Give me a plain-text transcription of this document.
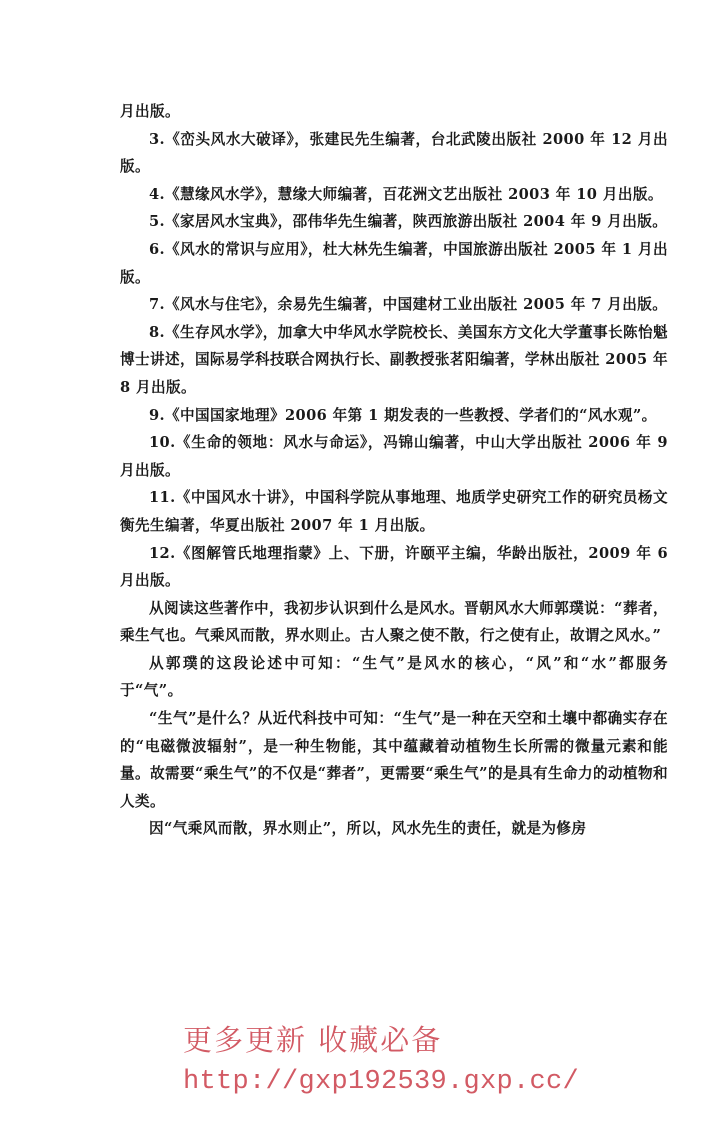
月出版。

3.《峦头风水大破译》，张建民先生编著，台北武陵出版社 2000 年 12 月出版。

4.《慧缘风水学》，慧缘大师编著，百花洲文艺出版社 2003 年 10 月出版。

5.《家居风水宝典》，邵伟华先生编著，陕西旅游出版社 2004 年 9 月出版。

6.《风水的常识与应用》，杜大林先生编著，中国旅游出版社 2005 年 1 月出版。

7.《风水与住宅》，余易先生编著，中国建材工业出版社 2005 年 7 月出版。

8.《生存风水学》，加拿大中华风水学院校长、美国东方文化大学董事长陈怡魁博士讲述，国际易学科技联合网执行长、副教授张茗阳编著，学林出版社 2005 年 8 月出版。

9.《中国国家地理》2006 年第 1 期发表的一些教授、学者们的“风水观”。

10.《生命的领地：风水与命运》，冯锦山编著，中山大学出版社 2006 年 9 月出版。

11.《中国风水十讲》，中国科学院从事地理、地质学史研究工作的研究员杨文衡先生编著，华夏出版社 2007 年 1 月出版。

12.《图解管氏地理指蒙》上、下册，许颐平主编，华龄出版社，2009 年 6 月出版。

从阅读这些著作中，我初步认识到什么是风水。晋朝风水大师郭璞说：“葬者，乘生气也。气乘风而散，界水则止。古人聚之使不散，行之使有止，故谓之风水。”

从郭璞的这段论述中可知：“生气”是风水的核心，“风”和“水”都服务于“气”。

“生气”是什么？从近代科技中可知：“生气”是一种在天空和土壤中都确实存在的“电磁微波辐射”，是一种生物能，其中蕴藏着动植物生长所需的微量元素和能量。故需要“乘生气”的不仅是“葬者”，更需要“乘生气”的是具有生命力的动植物和人类。

因“气乘风而散，界水则止”，所以，风水先生的责任，就是为修房

更多更新 收藏必备
http://gxp192539.gxp.cc/
